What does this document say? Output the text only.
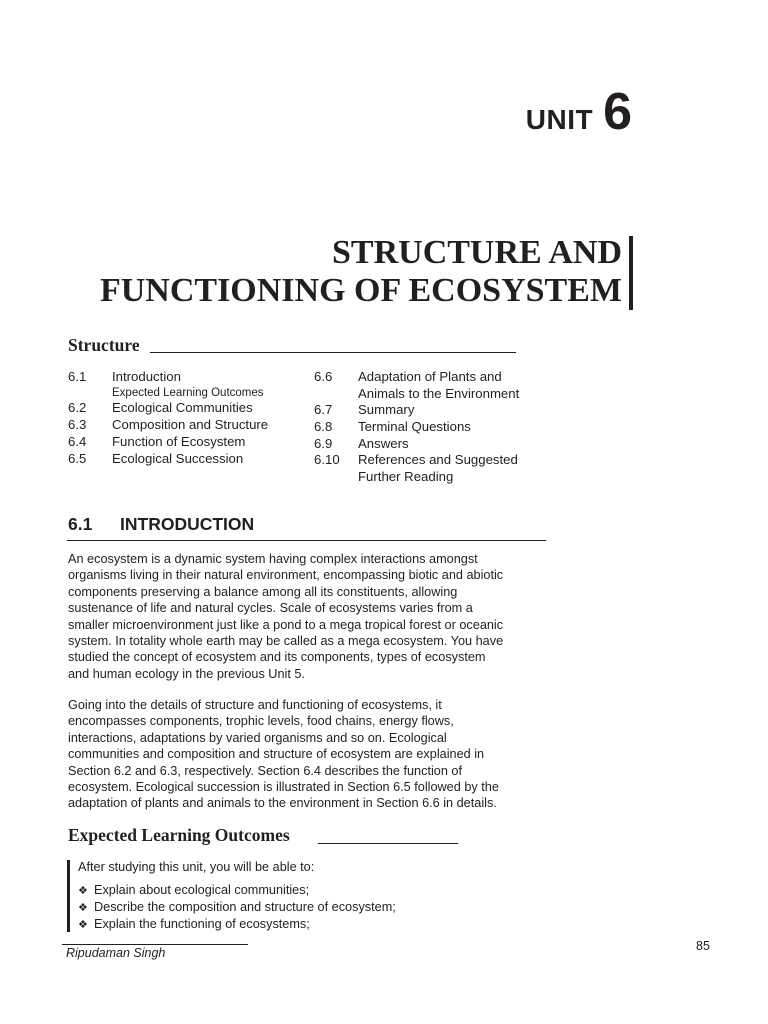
UNIT 6
STRUCTURE AND
FUNCTIONING OF ECOSYSTEM
Structure
6.1 Introduction
Expected Learning Outcomes
6.2 Ecological Communities
6.3 Composition and Structure
6.4 Function of Ecosystem
6.5 Ecological Succession
6.6 Adaptation of Plants and
Animals to the Environment
6.7 Summary
6.8 Terminal Questions
6.9 Answers
6.10 References and Suggested
Further Reading
6.1 INTRODUCTION
An ecosystem is a dynamic system having complex interactions amongst
organisms living in their natural environment, encompassing biotic and abiotic
components preserving a balance among all its constituents, allowing
sustenance of life and natural cycles. Scale of ecosystems varies from a
smaller microenvironment just like a pond to a mega tropical forest or oceanic
system. In totality whole earth may be called as a mega ecosystem. You have
studied the concept of ecosystem and its components, types of ecosystem
and human ecology in the previous Unit 5.
Going into the details of structure and functioning of ecosystems, it
encompasses components, trophic levels, food chains, energy flows,
interactions, adaptations by varied organisms and so on. Ecological
communities and composition and structure of ecosystem are explained in
Section 6.2 and 6.3, respectively. Section 6.4 describes the function of
ecosystem. Ecological succession is illustrated in Section 6.5 followed by the
adaptation of plants and animals to the environment in Section 6.6 in details.
Expected Learning Outcomes
After studying this unit, you will be able to:
❖ Explain about ecological communities;
❖ Describe the composition and structure of ecosystem;
❖ Explain the functioning of ecosystems;
Ripudaman Singh	85
